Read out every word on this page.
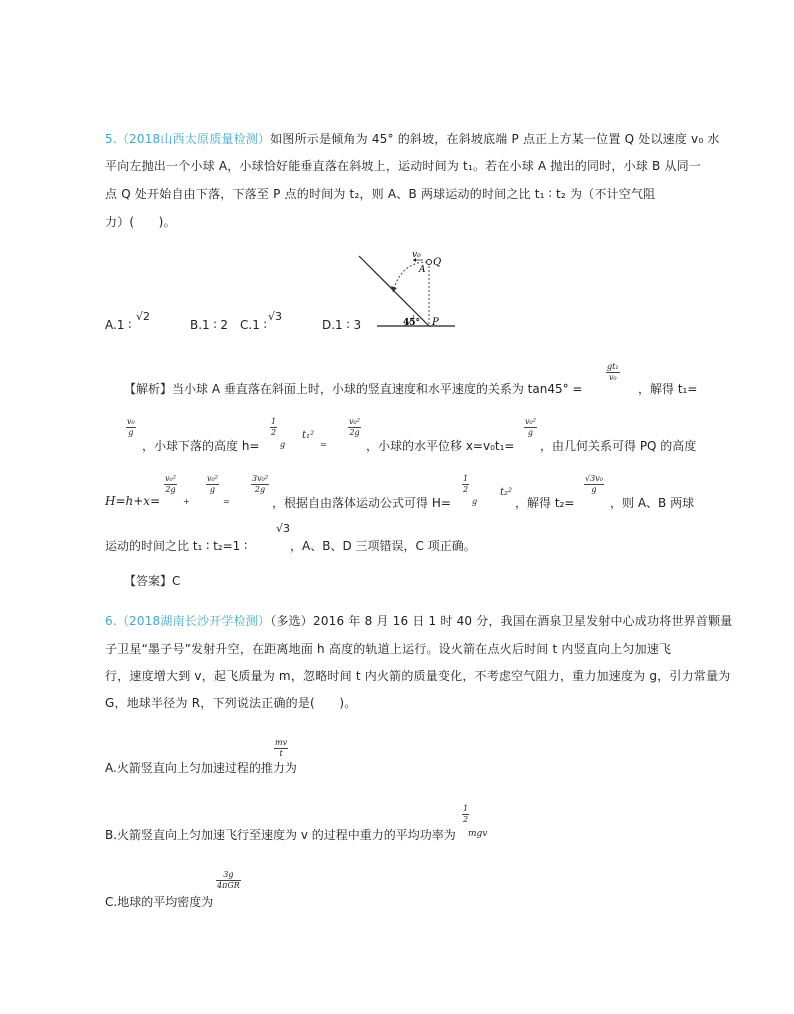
5.（2018山西太原质量检测）如图所示是倾角为 45° 的斜坡，在斜坡底端 P 点正上方某一位置 Q 处以速度 v₀ 水
平向左抛出一个小球 A，小球恰好能垂直落在斜坡上，运动时间为 t₁。若在小球 A 抛出的同时，小球 B 从同一
点 Q 处开始自由下落，下落至 P 点的时间为 t₂，则 A、B 两球运动的时间之比 t₁ ∶ t₂ 为（不计空气阻
力）(　　)。
v₀
Q
A
P
45°
A.1 ∶
√2
B.1 ∶ 2 C.1 ∶
√3
D.1 ∶ 3
【解析】当小球 A 垂直落在斜面上时，小球的竖直速度和水平速度的关系为 tan45° =
$\frac{\text{gt₁}}{\text{v₀}}$
，解得 t₁=
$\frac{\text{v₀}}{g}$
，小球下落的高度 h=
$\frac{1}{2}$
g
t₁²
=
$\frac{\text{v₀²}}{2g}$
，小球的水平位移 x=v₀t₁=
$\frac{\text{v₀²}}{g}$
，由几何关系可得 PQ 的高度
H=h+x=
$\frac{\text{v₀²}}{2g}$
+
$\frac{\text{v₀²}}{g}$
=
$\frac{\text{3v₀²}}{2g}$
，根据自由落体运动公式可得 H=
$\frac{1}{2}$
g
t₂²
，解得 t₂=
$\frac{\text{√3v₀}}{g}$
，则 A、B 两球
运动的时间之比 t₁ ∶ t₂=1 ∶
√3
，A、B、D 三项错误，C 项正确。
【答案】C
6.（2018湖南长沙开学检测）（多选）2016 年 8 月 16 日 1 时 40 分，我国在酒泉卫星发射中心成功将世界首颗量
子卫星“墨子号”发射升空，在距离地面 h 高度的轨道上运行。设火箭在点火后时间 t 内竖直向上匀加速飞
行，速度增大到 v，起飞质量为 m，忽略时间 t 内火箭的质量变化，不考虑空气阻力，重力加速度为 g，引力常量为
G，地球半径为 R，下列说法正确的是(　　)。
A.火箭竖直向上匀加速过程的推力为
$\frac{mv}{t}$
B.火箭竖直向上匀加速飞行至速度为 v 的过程中重力的平均功率为
$\frac{1}{2}$
mgv
C.地球的平均密度为
3g
4πGR
